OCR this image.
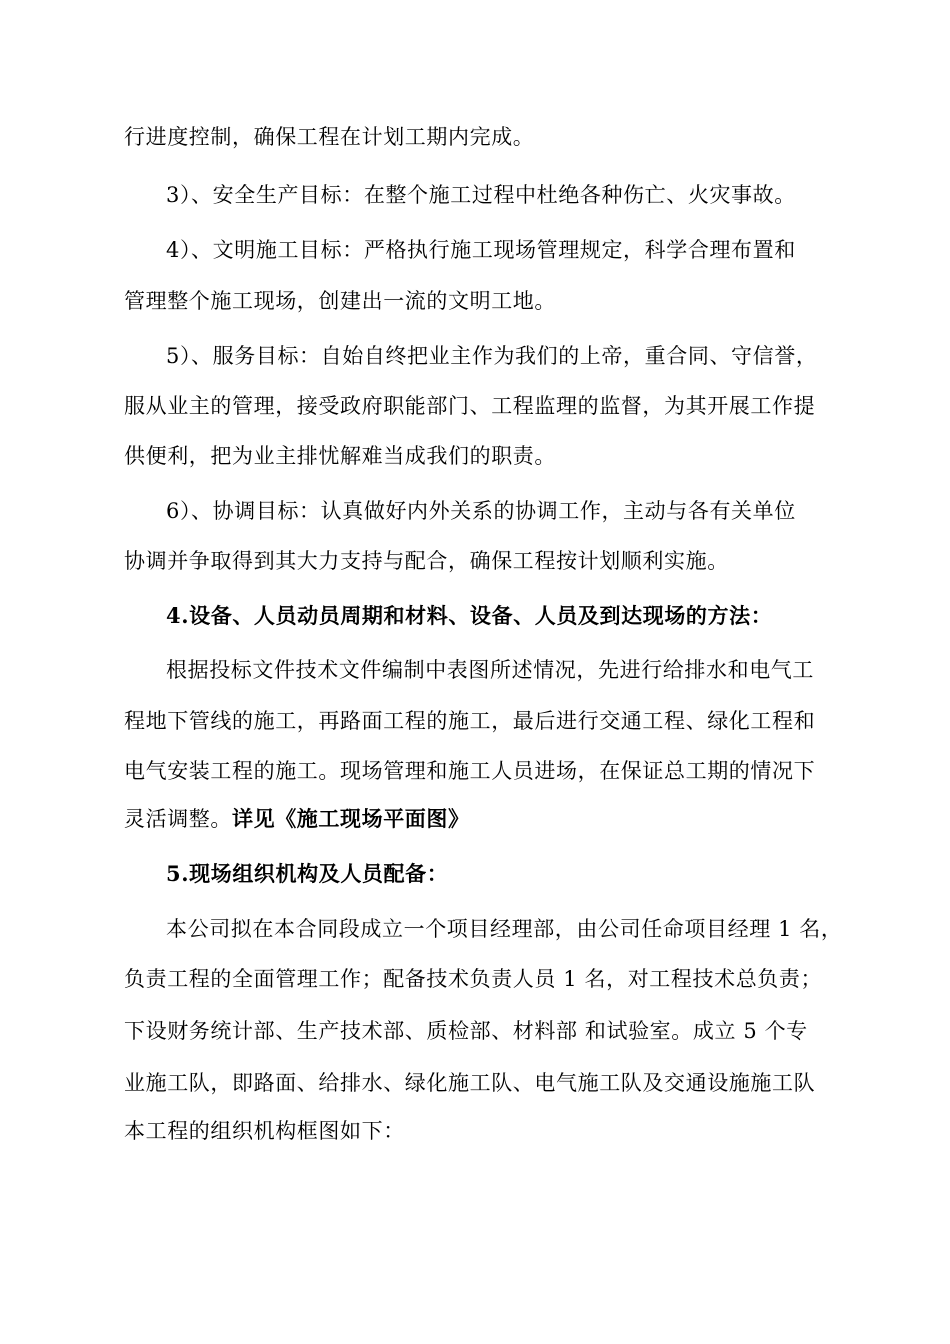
行进度控制，确保工程在计划工期内完成。
3）、安全生产目标：在整个施工过程中杜绝各种伤亡、火灾事故。
4）、文明施工目标：严格执行施工现场管理规定，科学合理布置和
管理整个施工现场，创建出一流的文明工地。
5）、服务目标：自始自终把业主作为我们的上帝，重合同、守信誉，
服从业主的管理，接受政府职能部门、工程监理的监督，为其开展工作提
供便利，把为业主排忧解难当成我们的职责。
6）、协调目标：认真做好内外关系的协调工作，主动与各有关单位
协调并争取得到其大力支持与配合，确保工程按计划顺利实施。
4.设备、人员动员周期和材料、设备、人员及到达现场的方法：
根据投标文件技术文件编制中表图所述情况，先进行给排水和电气工
程地下管线的施工，再路面工程的施工，最后进行交通工程、绿化工程和
电气安装工程的施工。现场管理和施工人员进场，在保证总工期的情况下
灵活调整。详见《施工现场平面图》
5.现场组织机构及人员配备：
本公司拟在本合同段成立一个项目经理部，由公司任命项目经理 1 名，
负责工程的全面管理工作；配备技术负责人员 1 名，对工程技术总负责；
下设财务统计部、生产技术部、质检部、材料部 和试验室。成立 5 个专
业施工队，即路面、给排水、绿化施工队、电气施工队及交通设施施工队
本工程的组织机构框图如下：
